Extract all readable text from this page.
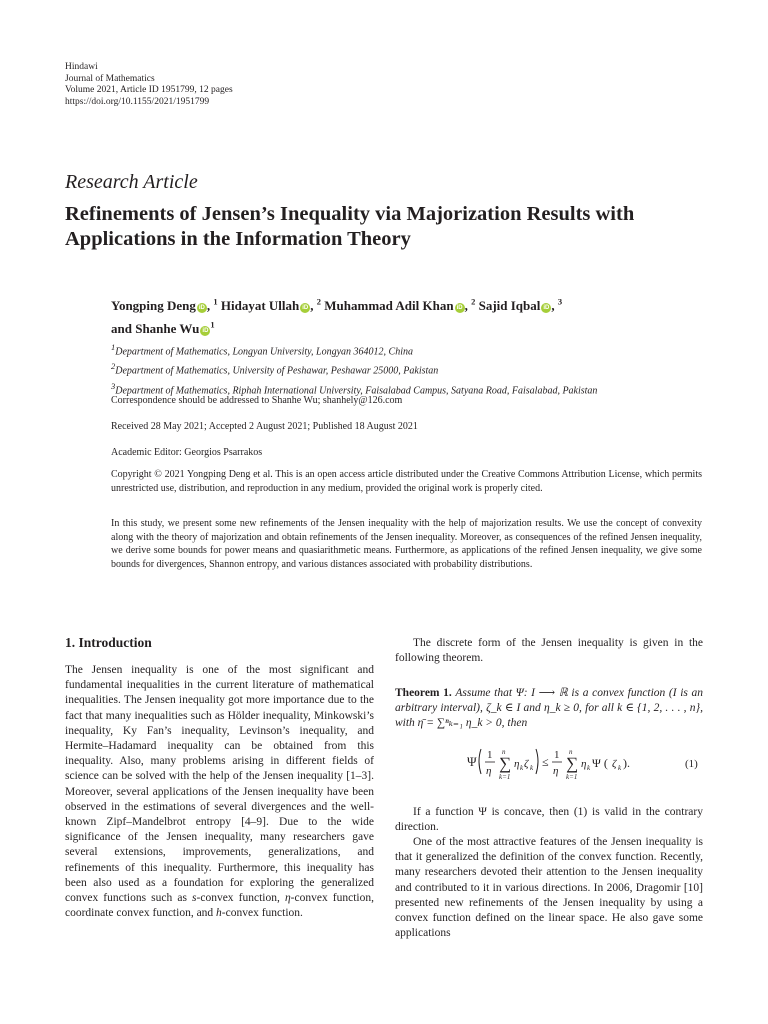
Hindawi
Journal of Mathematics
Volume 2021, Article ID 1951799, 12 pages
https://doi.org/10.1155/2021/1951799
Research Article
Refinements of Jensen’s Inequality via Majorization Results with Applications in the Information Theory
Yongping Deng iD , $^1$ Hidayat Ullah iD , $^2$ Muhammad Adil Khan iD , $^2$ Sajid Iqbal iD , $^3$
and Shanhe Wu $iD^1$
$^1$Department of Mathematics, Longyan University, Longyan 364012, China
$^2$Department of Mathematics, University of Peshawar, Peshawar 25000, Pakistan
$^3$Department of Mathematics, Riphah International University, Faisalabad Campus, Satyana Road, Faisalabad, Pakistan
Correspondence should be addressed to Shanhe Wu; shanhely@126.com
Received 28 May 2021; Accepted 2 August 2021; Published 18 August 2021
Academic Editor: Georgios Psarrakos
Copyright © 2021 Yongping Deng et al. This is an open access article distributed under the Creative Commons Attribution License, which permits unrestricted use, distribution, and reproduction in any medium, provided the original work is properly cited.
In this study, we present some new refinements of the Jensen inequality with the help of majorization results. We use the concept of convexity along with the theory of majorization and obtain refinements of the Jensen inequality. Moreover, as consequences of the refined Jensen inequality, we derive some bounds for power means and quasiarithmetic means. Furthermore, as applications of the refined Jensen inequality, we give some bounds for divergences, Shannon entropy, and various distances associated with probability distributions.
1. Introduction
The Jensen inequality is one of the most significant and fundamental inequalities in the current literature of mathematical inequalities. The Jensen inequality got more importance due to the fact that many inequalities such as Hölder inequality, Minkowski’s inequality, Ky Fan’s inequality, Levinson’s inequality, and Hermite–Hadamard inequality can be obtained from this inequality. Also, many problems arising in different fields of science can be solved with the help of the Jensen inequality [1–3]. Moreover, several applications of the Jensen inequality have been observed in the estimations of several divergences and the well-known Zipf–Mandelbrot entropy [4–9]. Due to the wide significance of the Jensen inequality, many researchers gave several extensions, improvements, generalizations, and refinements of this inequality. Furthermore, this inequality has been also used as a foundation for exploring the generalized convex functions such as s-convex function, η-convex function, coordinate convex function, and h-convex function.
The discrete form of the Jensen inequality is given in the following theorem.
Theorem 1. Assume that Ψ: I ⟶ ℝ is a convex function (I is an arbitrary interval), ζ_k ∈ I and η_k ≥ 0, for all k ∈ {1, 2, . . . , n}, with η̄ = ∑ⁿₖ₌₁ η_k > 0, then
Ψ 1
η ∑
n
k=1
η k ζ k ≤ 1
η ∑
n
k=1
η k Ψ ( ζ k ).	(1)
If a function Ψ is concave, then (1) is valid in the contrary direction.
One of the most attractive features of the Jensen inequality is that it generalized the definition of the convex function. Recently, many researchers devoted their attention to the Jensen inequality and contributed to it in various directions. In 2006, Dragomir [10] presented new refinements of the Jensen inequality by using a convex function defined on the linear space. He also gave some applications
